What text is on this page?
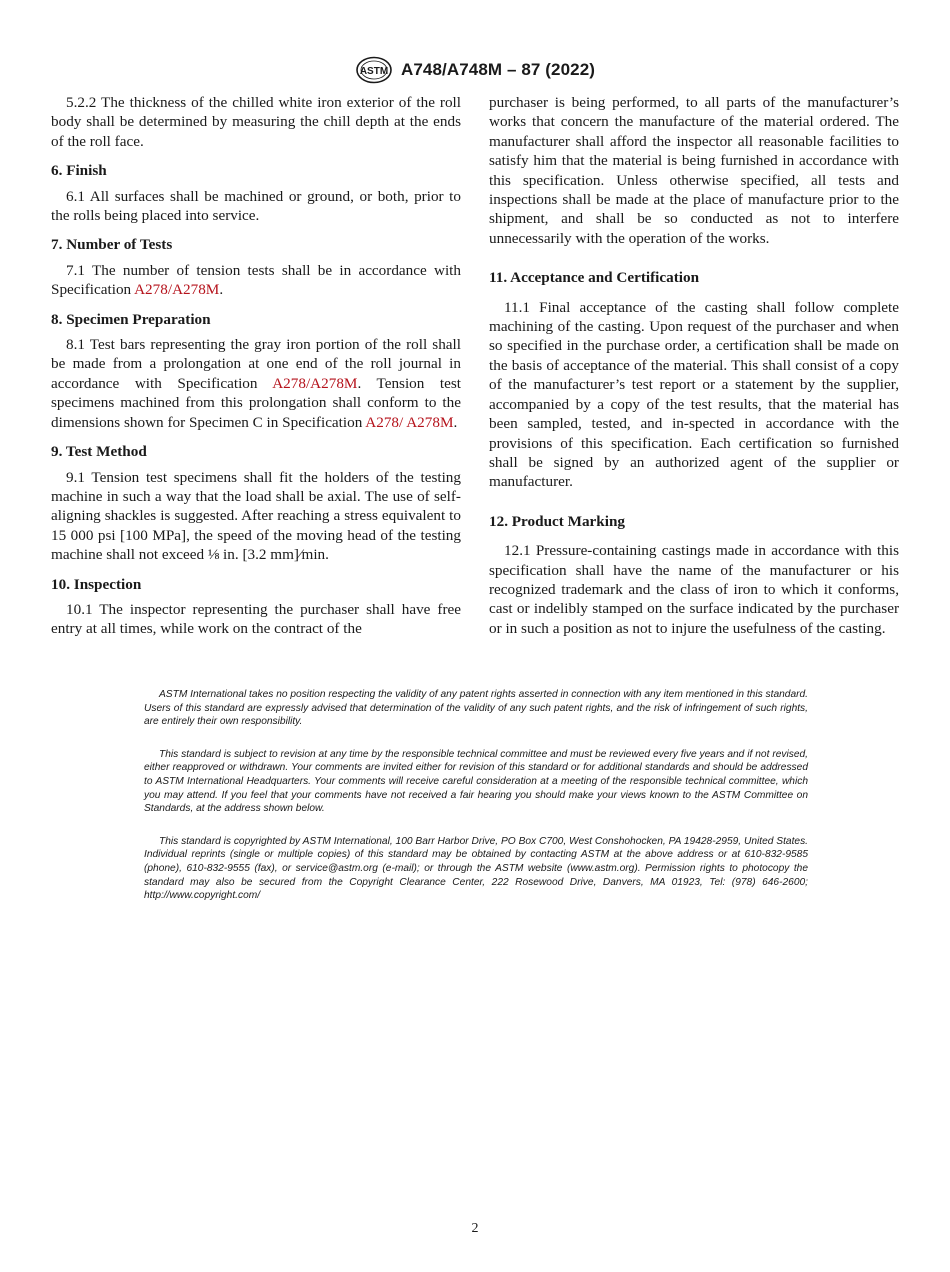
ASTM A748/A748M – 87 (2022)

5.2.2 The thickness of the chilled white iron exterior of the roll body shall be determined by measuring the chill depth at the ends of the roll face.

6. Finish

6.1 All surfaces shall be machined or ground, or both, prior to the rolls being placed into service.

7. Number of Tests

7.1 The number of tension tests shall be in accordance with Specification A278/A278M.

8. Specimen Preparation

8.1 Test bars representing the gray iron portion of the roll shall be made from a prolongation at one end of the roll journal in accordance with Specification A278/A278M. Tension test specimens machined from this prolongation shall conform to the dimensions shown for Specimen C in Specification A278/ A278M.

9. Test Method

9.1 Tension test specimens shall fit the holders of the testing machine in such a way that the load shall be axial. The use of self-aligning shackles is suggested. After reaching a stress equivalent to 15 000 psi [100 MPa], the speed of the moving head of the testing machine shall not exceed ⅛ in. [3.2 mm]⁄min.

10. Inspection

10.1 The inspector representing the purchaser shall have free entry at all times, while work on the contract of the

purchaser is being performed, to all parts of the manufacturer’s works that concern the manufacture of the material ordered. The manufacturer shall afford the inspector all reasonable facilities to satisfy him that the material is being furnished in accordance with this specification. Unless otherwise specified, all tests and inspections shall be made at the place of manufacture prior to the shipment, and shall be so conducted as not to interfere unnecessarily with the operation of the works.

11. Acceptance and Certification

11.1 Final acceptance of the casting shall follow complete machining of the casting. Upon request of the purchaser and when so specified in the purchase order, a certification shall be made on the basis of acceptance of the material. This shall consist of a copy of the manufacturer’s test report or a statement by the supplier, accompanied by a copy of the test results, that the material has been sampled, tested, and in-spected in accordance with the provisions of this specification. Each certification so furnished shall be signed by an authorized agent of the supplier or manufacturer.

12. Product Marking

12.1 Pressure-containing castings made in accordance with this specification shall have the name of the manufacturer or his recognized trademark and the class of iron to which it conforms, cast or indelibly stamped on the surface indicated by the purchaser or in such a position as not to injure the usefulness of the casting.

ASTM International takes no position respecting the validity of any patent rights asserted in connection with any item mentioned in this standard. Users of this standard are expressly advised that determination of the validity of any such patent rights, and the risk of infringement of such rights, are entirely their own responsibility.

This standard is subject to revision at any time by the responsible technical committee and must be reviewed every five years and if not revised, either reapproved or withdrawn. Your comments are invited either for revision of this standard or for additional standards and should be addressed to ASTM International Headquarters. Your comments will receive careful consideration at a meeting of the responsible technical committee, which you may attend. If you feel that your comments have not received a fair hearing you should make your views known to the ASTM Committee on Standards, at the address shown below.

This standard is copyrighted by ASTM International, 100 Barr Harbor Drive, PO Box C700, West Conshohocken, PA 19428-2959, United States. Individual reprints (single or multiple copies) of this standard may be obtained by contacting ASTM at the above address or at 610-832-9585 (phone), 610-832-9555 (fax), or service@astm.org (e-mail); or through the ASTM website (www.astm.org). Permission rights to photocopy the standard may also be secured from the Copyright Clearance Center, 222 Rosewood Drive, Danvers, MA 01923, Tel: (978) 646-2600; http://www.copyright.com/

2
